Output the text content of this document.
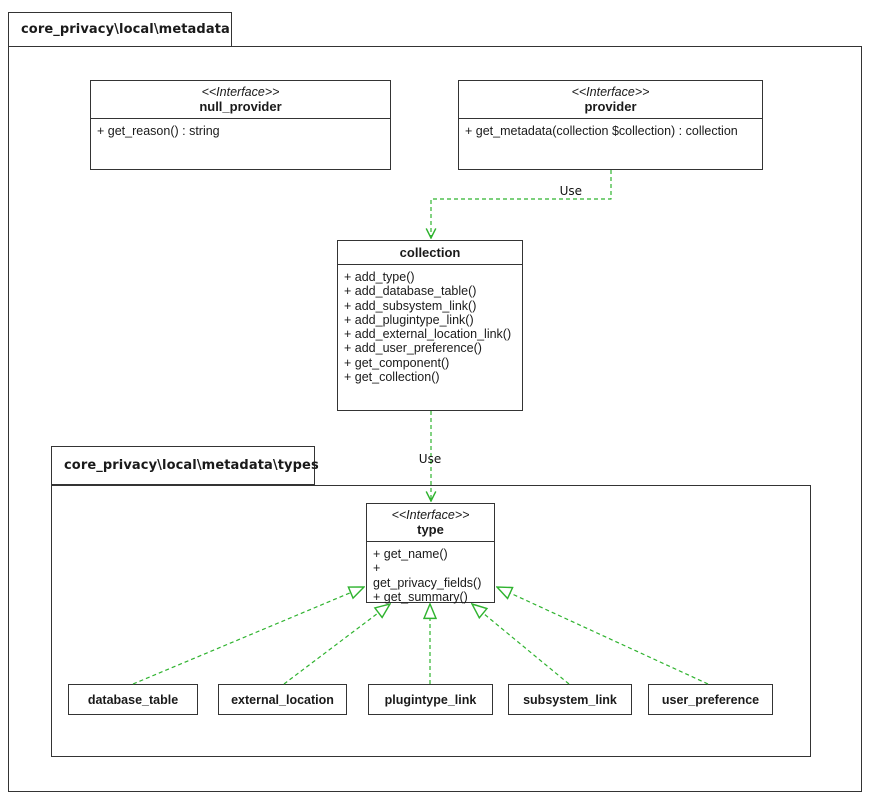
core_privacy\local\metadata
core_privacy\local\metadata\types
<<Interface>>
null_provider
+ get_reason() : string
<<Interface>>
provider
+ get_metadata(collection $collection) : collection
collection
+ add_type()
+ add_database_table()
+ add_subsystem_link()
+ add_plugintype_link()
+ add_external_location_link()
+ add_user_preference()
+ get_component()
+ get_collection()
<<Interface>>
type
+ get_name()
+ get_privacy_fields()
+ get_summary()
database_table	external_location	plugintype_link	subsystem_link	user_preference
Use
Use
